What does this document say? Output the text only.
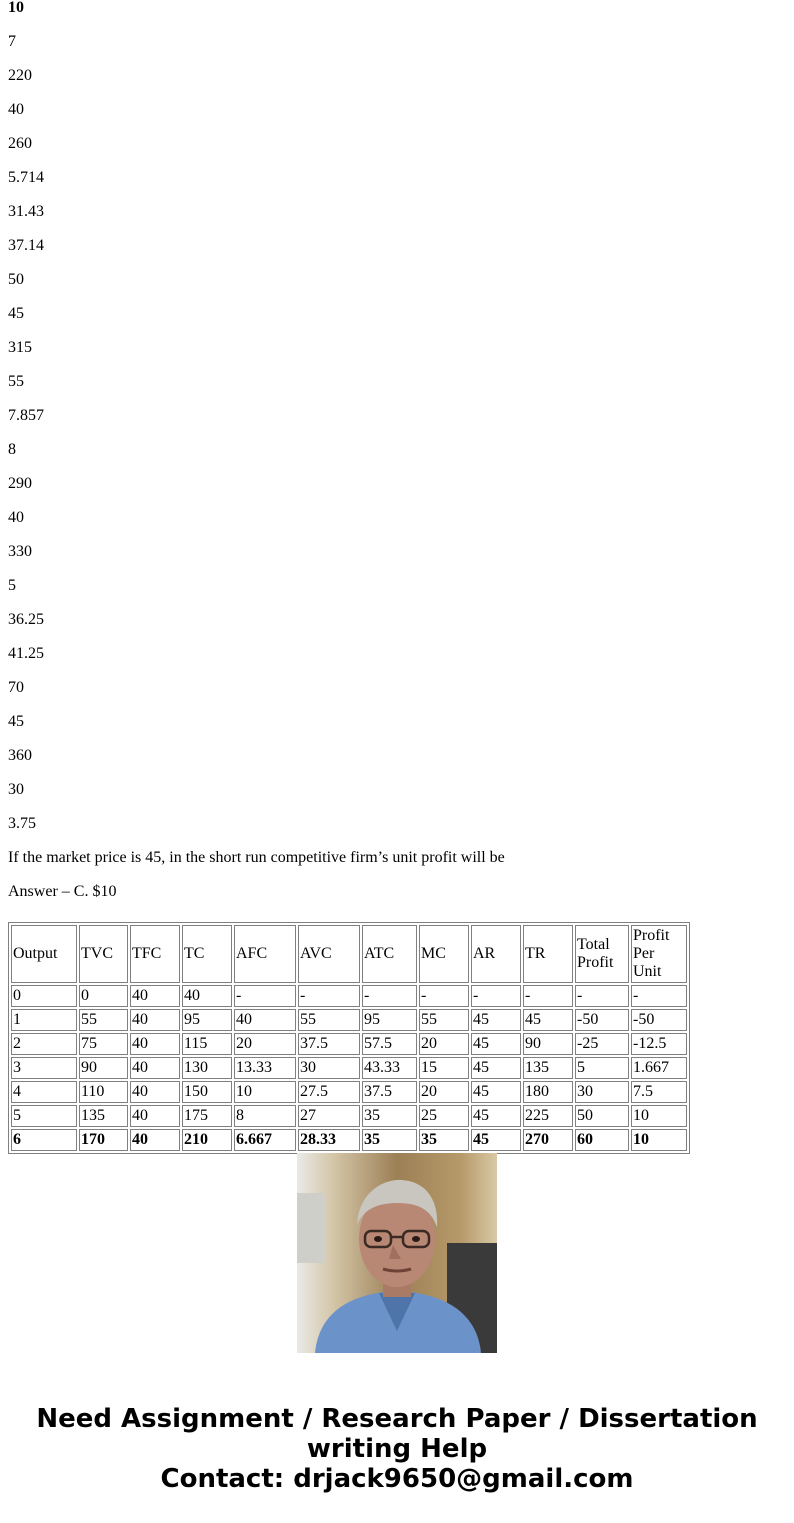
10

7

220

40

260

5.714

31.43

37.14

50

45

315

55

7.857

8

290

40

330

5

36.25

41.25

70

45

360

30

3.75

If the market price is 45, in the short run competitive firm’s unit profit will be

Answer – C. $10

Output	TVC	TFC	TC	AFC	AVC	ATC	MC	AR	TR	Total Profit	Profit Per Unit
0	0	40	40	-	-	-	-	-	-	-	-
1	55	40	95	40	55	95	55	45	45	-50	-50
2	75	40	115	20	37.5	57.5	20	45	90	-25	-12.5
3	90	40	130	13.33	30	43.33	15	45	135	5	1.667
4	110	40	150	10	27.5	37.5	20	45	180	30	7.5
5	135	40	175	8	27	35	25	45	225	50	10
6	170	40	210	6.667	28.33	35	35	45	270	60	10
Need Assignment / Research Paper / Dissertation
writing Help
Contact: drjack9650@gmail.com
